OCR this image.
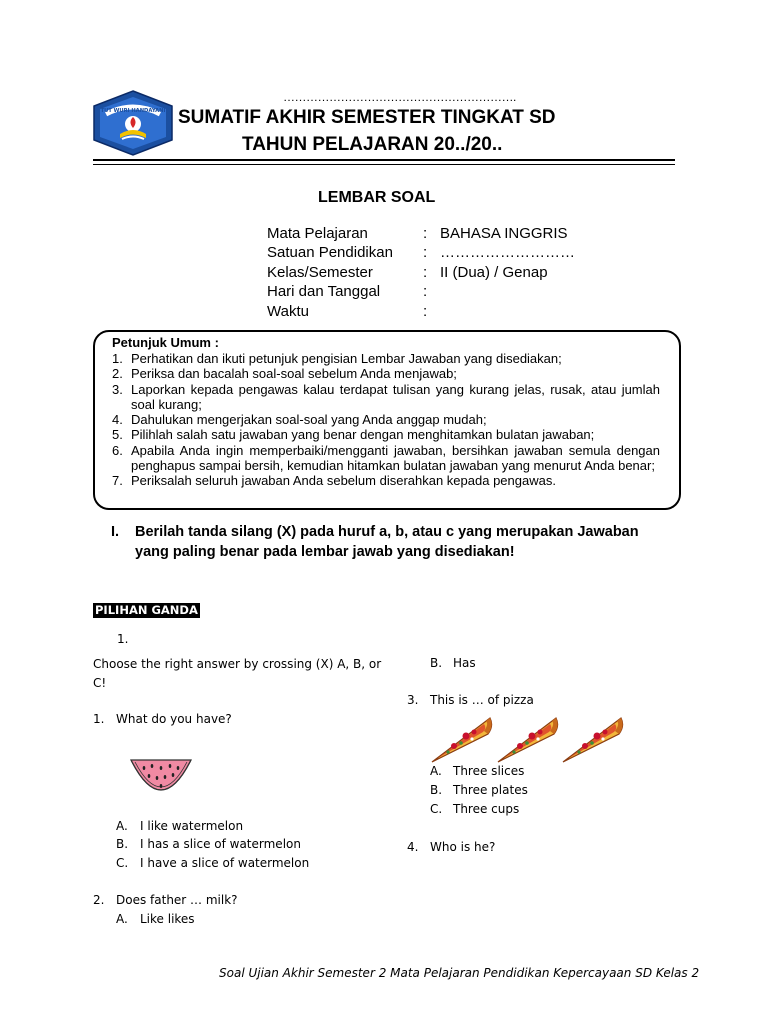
…………………………………………………….
TUT WURI HANDAYANI SUMATIF AKHIR SEMESTER TINGKAT SD
TAHUN PELAJARAN 20../20..
LEMBAR SOAL
Mata Pelajaran	: BAHASA INGGRIS
Satuan Pendidikan : ………………………
Kelas/Semester	: II (Dua) / Genap
Hari dan Tanggal	:
Waktu	:
Petunjuk Umum :
1. Perhatikan dan ikuti petunjuk pengisian Lembar Jawaban yang disediakan;
2. Periksa dan bacalah soal-soal sebelum Anda menjawab;
3. Laporkan kepada pengawas kalau terdapat tulisan yang kurang jelas, rusak, atau jumlah soal kurang;
4. Dahulukan mengerjakan soal-soal yang Anda anggap mudah;
5. Pilihlah salah satu jawaban yang benar dengan menghitamkan bulatan jawaban;
6. Apabila Anda ingin memperbaiki/mengganti jawaban, bersihkan jawaban semula dengan penghapus sampai bersih, kemudian hitamkan bulatan jawaban yang menurut Anda benar;
7. Periksalah seluruh jawaban Anda sebelum diserahkan kepada pengawas.
I. Berilah tanda silang (X) pada huruf a, b, atau c yang merupakan Jawaban yang paling benar pada lembar jawab yang disediakan!
PILIHAN GANDA
1.
Choose the right answer by crossing (X) A, B, or C!
1. What do you have?
A. I like watermelon
B. I has a slice of watermelon
C. I have a slice of watermelon
2. Does father … milk?
A. Like likes
B. Has
3. This is … of pizza
A. Three slices
B. Three plates
C. Three cups
4. Who is he?
Soal Ujian Akhir Semester 2 Mata Pelajaran Pendidikan Kepercayaan SD Kelas 2
